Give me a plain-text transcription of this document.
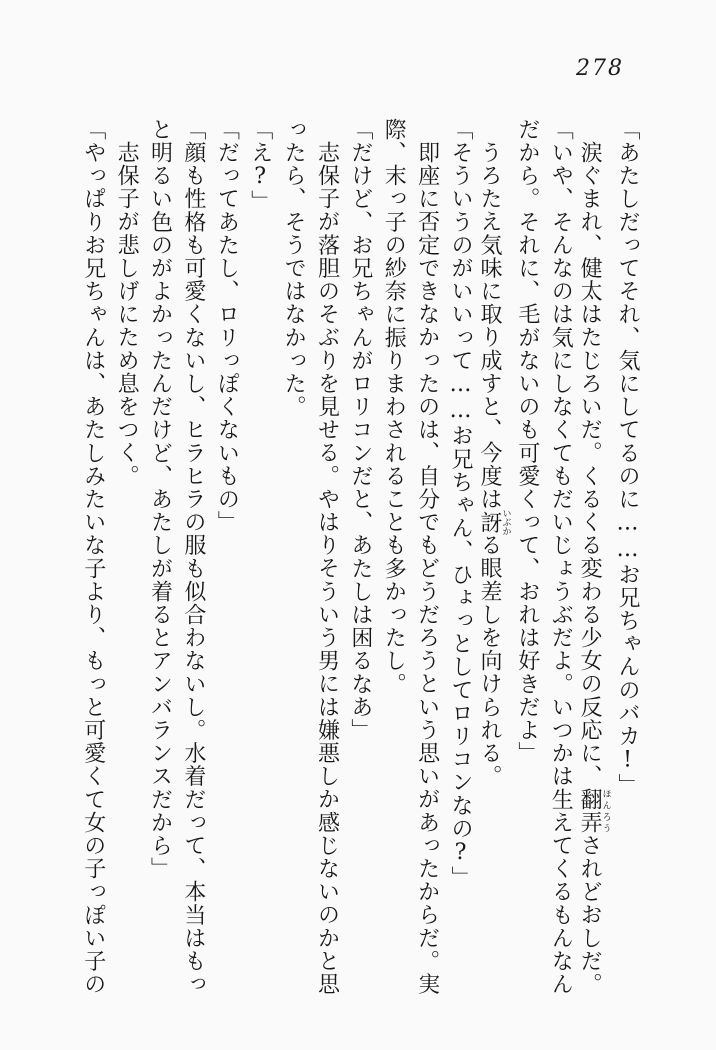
278
「あたしだってそれ、気にしてるのに……お兄ちゃんのバカ!」
涙ぐまれ、健太はたじろいだ。くるくる変わる少女の反応に、翻弄ほんろうされどおしだ。
「いや、そんなのは気にしなくてもだいじょうぶだよ。いつかは生えてくるもんなん
だから。それに、毛がないのも可愛くって、おれは好きだよ」
うろたえ気味に取り成すと、今度は訝いぶかる眼差しを向けられる。
「そういうのがいいって……お兄ちゃん、ひょっとしてロリコンなの?」
即座に否定できなかったのは、自分でもどうだろうという思いがあったからだ。実
際、末っ子の紗奈に振りまわされることも多かったし。
「だけど、お兄ちゃんがロリコンだと、あたしは困るなあ」
志保子が落胆のそぶりを見せる。やはりそういう男には嫌悪しか感じないのかと思
ったら、そうではなかった。
「え?」
「だってあたし、ロリっぽくないもの」
「顔も性格も可愛くないし、ヒラヒラの服も似合わないし。水着だって、本当はもっ
と明るい色のがよかったんだけど、あたしが着るとアンバランスだから」
志保子が悲しげにため息をつく。
「やっぱりお兄ちゃんは、あたしみたいな子より、もっと可愛くて女の子っぽい子の
